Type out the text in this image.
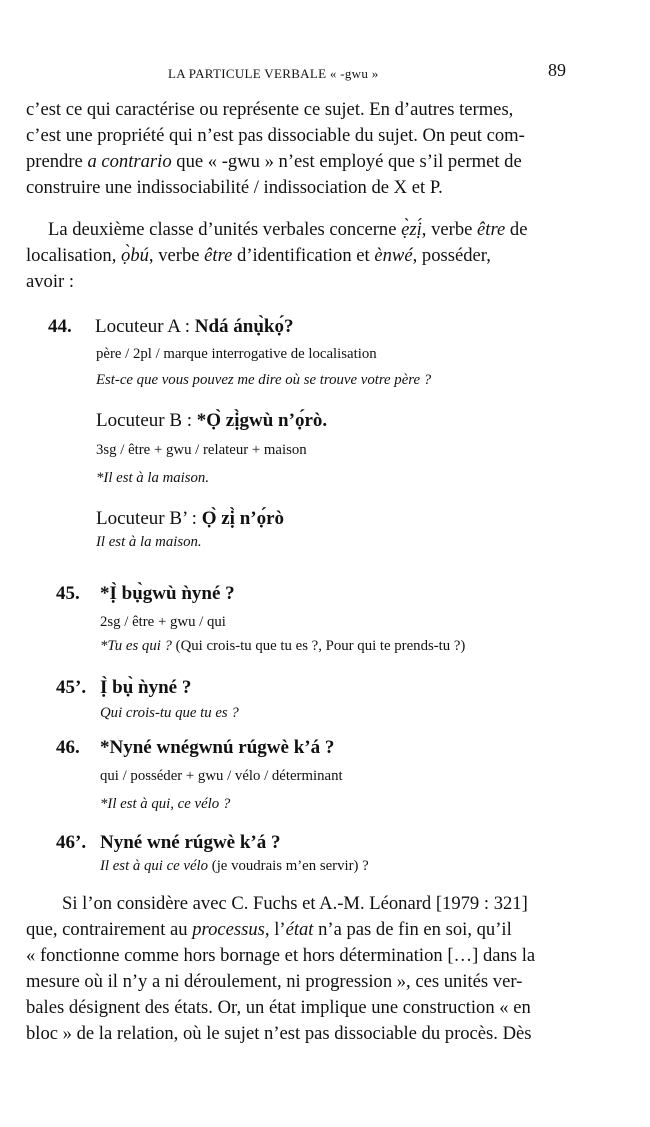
LA PARTICULE VERBALE « -gwu »	89
c’est ce qui caractérise ou représente ce sujet. En d’autres termes,
c’est une propriété qui n’est pas dissociable du sujet. On peut com-
prendre a contrario que « -gwu » n’est employé que s’il permet de
construire une indissociabilité / indissociation de X et P.
La deuxième classe d’unités verbales concerne ẹ̀zị́, verbe être de
localisation, ọ̀bú, verbe être d’identification et ènwé, posséder,
avoir :
44. Locuteur A : Ndá ánụ̀kọ́?
père / 2pl / marque interrogative de localisation
Est-ce que vous pouvez me dire où se trouve votre père ?
Locuteur B : *Ọ̀ zị̀gwù n’ọ́rò.
3sg / être + gwu / relateur + maison
*Il est à la maison.
Locuteur B’ : Ọ̀ zị̀ n’ọ́rò
Il est à la maison.
45. *Ị̀ bụ̀gwù ǹyné ?
2sg / être + gwu / qui
*Tu es qui ? (Qui crois-tu que tu es ?, Pour qui te prends-tu ?)
45’. Ị̀ bụ̀ ǹyné ?
Qui crois-tu que tu es ?
46. *Nyné wnégwnú rúgwè k’á ?
qui / posséder + gwu / vélo / déterminant
*Il est à qui, ce vélo ?
46’. Nyné wné rúgwè k’á ?
Il est à qui ce vélo (je voudrais m’en servir) ?
Si l’on considère avec C. Fuchs et A.-M. Léonard [1979 : 321]
que, contrairement au processus, l’état n’a pas de fin en soi, qu’il
« fonctionne comme hors bornage et hors détermination […] dans la
mesure où il n’y a ni déroulement, ni progression », ces unités ver-
bales désignent des états. Or, un état implique une construction « en
bloc » de la relation, où le sujet n’est pas dissociable du procès. Dès
